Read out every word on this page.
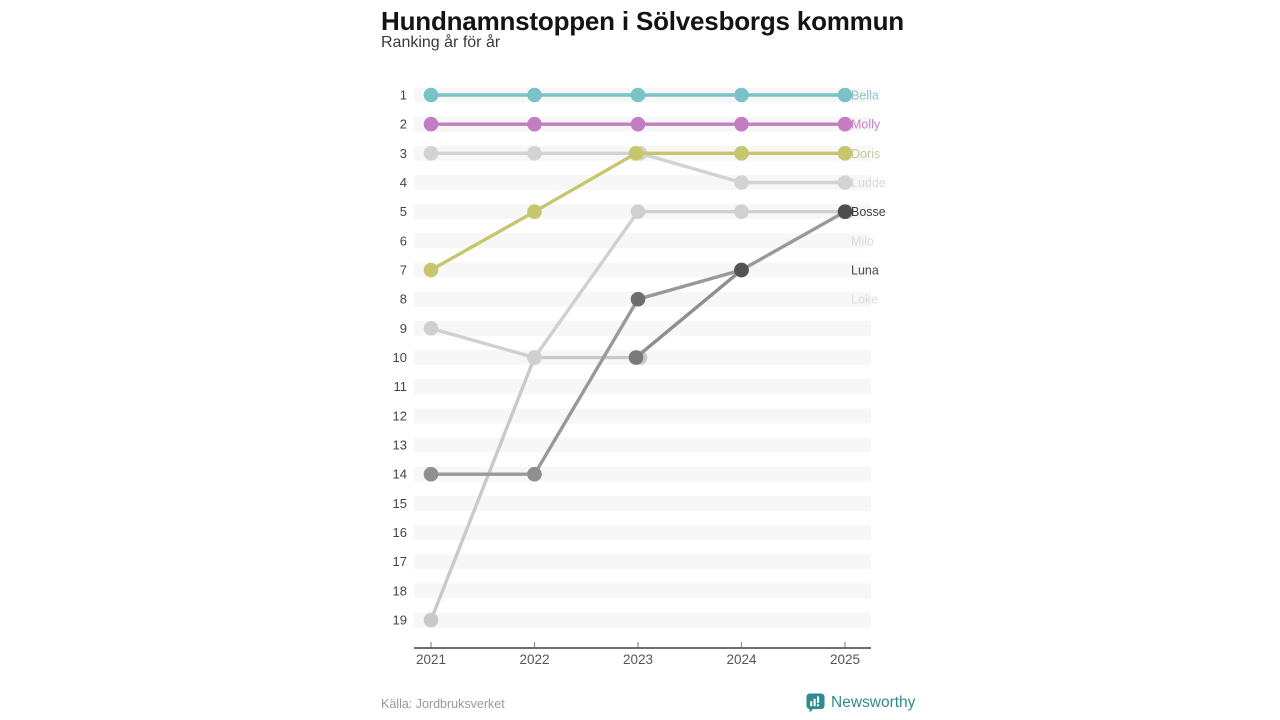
Hundnamnstoppen i Sölvesborgs kommun
Ranking år för år
1
2
3
4
5
6
7
8
9
10
11
12
13
14
15
16
17
18
19
2021	2022	2023	2024	2025
Bella
Molly
Doris
Ludde
Bosse
Milo
Luna
Loke
Källa: Jordbruksverket	Newsworthy
